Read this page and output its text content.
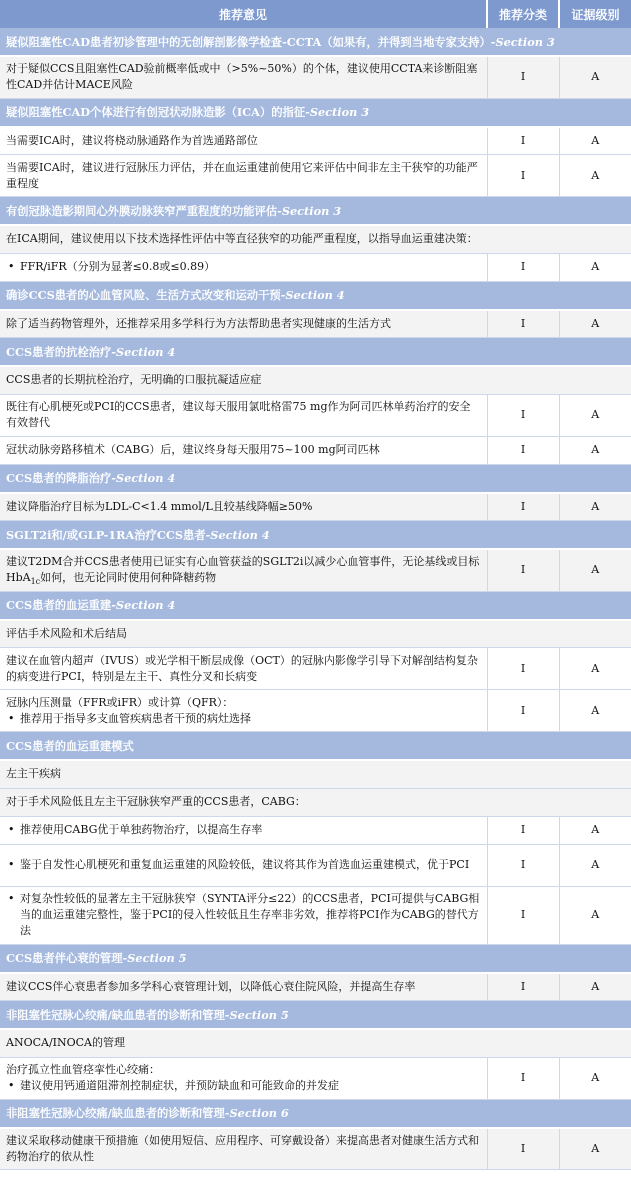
推荐意见	推荐分类	证据级别
疑似阻塞性CAD患者初诊管理中的无创解剖影像学检查-CCTA（如果有，并得到当地专家支持）-Section 3		
对于疑似CCS且阻塞性CAD验前概率低或中（>5%~50%）的个体，建议使用CCTA来诊断阻塞性CAD并估计MACE风险	I	A
疑似阻塞性CAD个体进行有创冠状动脉造影（ICA）的指征-Section 3		
当需要ICA时，建议将桡动脉通路作为首选通路部位	I	A
当需要ICA时，建议进行冠脉压力评估，并在血运重建前使用它来评估中间非左主干狭窄的功能严重程度	I	A
有创冠脉造影期间心外膜动脉狭窄严重程度的功能评估-Section 3		
在ICA期间，建议使用以下技术选择性评估中等直径狭窄的功能严重程度，以指导血运重建决策：		

• FFR/iFR（分别为显著≤0.8或≤0.89）	I	A
确诊CCS患者的心血管风险、生活方式改变和运动干预-Section 4		
除了适当药物管理外，还推荐采用多学科行为方法帮助患者实现健康的生活方式	I	A
CCS患者的抗栓治疗-Section 4		
CCS患者的长期抗栓治疗，无明确的口服抗凝适应症		
既往有心肌梗死或PCI的CCS患者，建议每天服用氯吡格雷75 mg作为阿司匹林单药治疗的安全有效替代	I	A
冠状动脉旁路移植术（CABG）后，建议终身每天服用75~100 mg阿司匹林	I	A
CCS患者的降脂治疗-Section 4		
建议降脂治疗目标为LDL-C<1.4 mmol/L且较基线降幅≥50%	I	A
SGLT2i和/或GLP-1RA治疗CCS患者-Section 4		
建议T2DM合并CCS患者使用已证实有心血管获益的SGLT2i以减少心血管事件，无论基线或目标HbA$_{1c}$如何，也无论同时使用何种降糖药物	I	A
CCS患者的血运重建-Section 4		
评估手术风险和术后结局		
建议在血管内超声（IVUS）或光学相干断层成像（OCT）的冠脉内影像学引导下对解剖结构复杂的病变进行PCI，特别是左主干、真性分叉和长病变	I	A

冠脉内压测量（FFR或iFR）或计算（QFR）：
• 推荐用于指导多支血管疾病患者干预的病灶选择	I	A
CCS患者的血运重建模式		
左主干疾病		
对于手术风险低且左主干冠脉狭窄严重的CCS患者，CABG：		

• 推荐使用CABG优于单独药物治疗，以提高生存率	I	A

• 鉴于自发性心肌梗死和重复血运重建的风险较低，建议将其作为首选血运重建模式，优于PCI	I	A

• 对复杂性较低的显著左主干冠脉狭窄（SYNTA评分≤22）的CCS患者，PCI可提供与CABG相当的血运重建完整性，鉴于PCI的侵入性较低且生存率非劣效，推荐将PCI作为CABG的替代方法	I	A
CCS患者伴心衰的管理-Section 5		
建议CCS伴心衰患者参加多学科心衰管理计划，以降低心衰住院风险，并提高生存率	I	A
非阻塞性冠脉心绞痛/缺血患者的诊断和管理-Section 5		
ANOCA/INOCA的管理		

治疗孤立性血管痉挛性心绞痛：
• 建议使用钙通道阻滞剂控制症状，并预防缺血和可能致命的并发症	I	A
非阻塞性冠脉心绞痛/缺血患者的诊断和管理-Section 6		
建议采取移动健康干预措施（如使用短信、应用程序、可穿戴设备）来提高患者对健康生活方式和药物治疗的依从性	I	A
